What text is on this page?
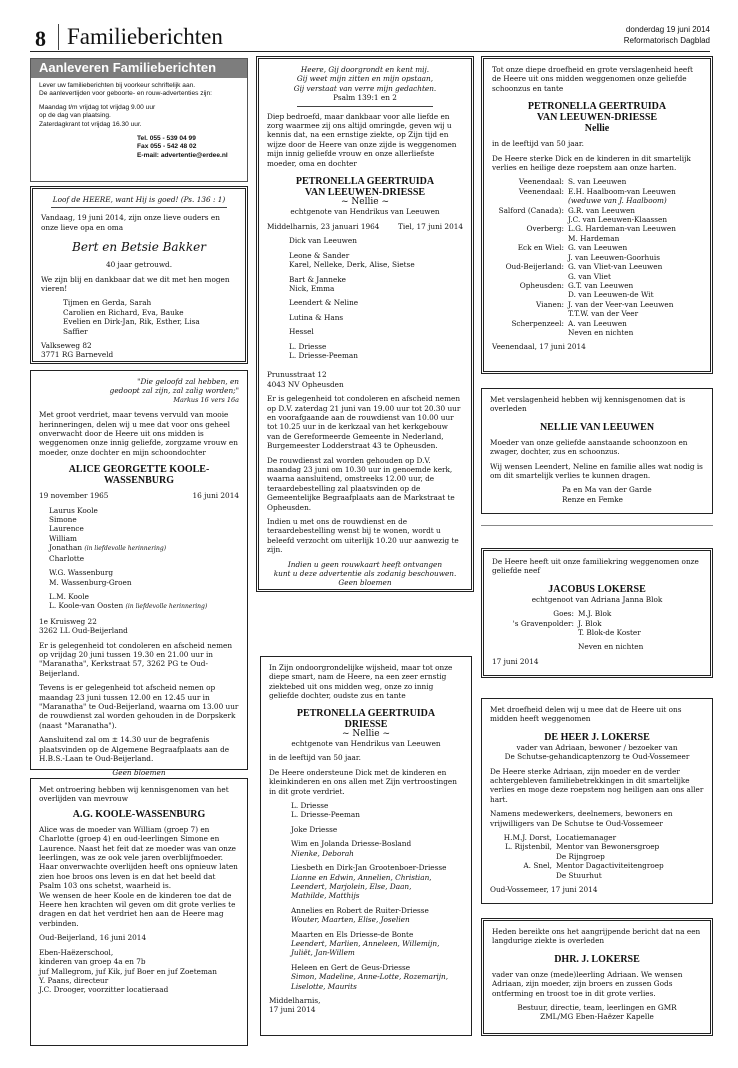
8 Familieberichten	donderdag 19 juni 2014
Reformatorisch Dagblad
Aanleveren Familieberichten
Lever uw familieberichten bij voorkeur schriftelijk aan.
De aanlevertijden voor geboorte- en rouw-advertenties zijn:
Maandag t/m vrijdag tot vrijdag 9.00 uur
op de dag van plaatsing.
Zaterdagkrant tot vrijdag 16.30 uur.
Tel. 055 - 539 04 99
Fax 055 - 542 48 02
E-mail: advertentie@erdee.nl
Loof de HEERE, want Hij is goed! (Ps. 136 : 1)
Vandaag, 19 juni 2014, zijn onze lieve ouders en onze lieve opa en oma
Bert en Betsie Bakker
40 jaar getrouwd.
We zijn blij en dankbaar dat we dit met hen mogen vieren!
Tijmen en Gerda, Sarah
Carolien en Richard, Eva, Bauke
Evelien en Dirk-Jan, Rik, Esther, Lisa
Saffier
Valkseweg 82
3771 RG Barneveld
"Die geloofd zal hebben, en
gedoopt zal zijn, zal zalig worden;"
Markus 16 vers 16a
Met groot verdriet, maar tevens vervuld van mooie herinneringen, delen wij u mee dat voor ons geheel onverwacht door de Heere uit ons midden is weggenomen onze innig geliefde, zorgzame vrouw en moeder, onze dochter en mijn schoondochter
ALICE GEORGETTE KOOLE-
WASSENBURG
19 november 1965	16 juni 2014
Laurus Koole
Simone
Laurence
William
Jonathan (in liefdevolle herinnering)
Charlotte
W.G. Wassenburg
M. Wassenburg-Groen
L.M. Koole
L. Koole-van Oosten (in liefdevolle herinnering)
1e Kruisweg 22
3262 LL Oud-Beijerland
Er is gelegenheid tot condoleren en afscheid nemen op vrijdag 20 juni tussen 19.30 en 21.00 uur in "Maranatha", Kerkstraat 57, 3262 PG te Oud-Beijerland.
Tevens is er gelegenheid tot afscheid nemen op maandag 23 juni tussen 12.00 en 12.45 uur in "Maranatha" te Oud-Beijerland, waarna om 13.00 uur de rouwdienst zal worden gehouden in de Dorpskerk (naast "Maranatha").
Aansluitend zal om ± 14.30 uur de begrafenis plaatsvinden op de Algemene Begraafplaats aan de H.B.S.-Laan te Oud-Beijerland.
Geen bloemen
Met ontroering hebben wij kennisgenomen van het overlijden van mevrouw
A.G. KOOLE-WASSENBURG
Alice was de moeder van William (groep 7) en Charlotte (groep 4) en oud-leerlingen Simone en Laurence. Naast het feit dat ze moeder was van onze leerlingen, was ze ook vele jaren overblijfmoeder. Haar onverwachte overlijden heeft ons opnieuw laten zien hoe broos ons leven is en dat het beeld dat Psalm 103 ons schetst, waarheid is.
We wensen de heer Koole en de kinderen toe dat de Heere hen krachten wil geven om dit grote verlies te dragen en dat het verdriet hen aan de Heere mag verbinden.
Oud-Beijerland, 16 juni 2014
Eben-Haëzerschool,
kinderen van groep 4a en 7b
juf Mallegrom, juf Kik, juf Boer en juf Zoeteman
Y. Paans, directeur
J.C. Drooger, voorzitter locatieraad
Heere, Gij doorgrondt en kent mij.
Gij weet mijn zitten en mijn opstaan,
Gij verstaat van verre mijn gedachten.
Psalm 139:1 en 2
Diep bedroefd, maar dankbaar voor alle liefde en zorg waarmee zij ons altijd omringde, geven wij u kennis dat, na een ernstige ziekte, op Zijn tijd en wijze door de Heere van onze zijde is weggenomen mijn innig geliefde vrouw en onze allerliefste moeder, oma en dochter
PETRONELLA GEERTRUIDA
VAN LEEUWEN-DRIESSE
~ Nellie ~
echtgenote van Hendrikus van Leeuwen
Middelharnis, 23 januari 1964	Tiel, 17 juni 2014
Dick van Leeuwen
Leone & Sander
Karel, Nelleke, Derk, Alise, Sietse
Bart & Janneke
Nick, Emma
Leendert & Neline
Lutina & Hans
Hessel
L. Driesse
L. Driesse-Peeman
Prunusstraat 12
4043 NV Opheusden
Er is gelegenheid tot condoleren en afscheid nemen op D.V. zaterdag 21 juni van 19.00 uur tot 20.30 uur en voorafgaande aan de rouwdienst van 10.00 uur tot 10.25 uur in de kerkzaal van het kerkgebouw van de Gereformeerde Gemeente in Nederland, Burgemeester Lodderstraat 43 te Opheusden.
De rouwdienst zal worden gehouden op D.V. maandag 23 juni om 10.30 uur in genoemde kerk, waarna aansluitend, omstreeks 12.00 uur, de teraardebestelling zal plaatsvinden op de Gemeentelijke Begraafplaats aan de Markstraat te Opheusden.
Indien u met ons de rouwdienst en de teraardebestelling wenst bij te wonen, wordt u beleefd verzocht om uiterlijk 10.20 uur aanwezig te zijn.
Indien u geen rouwkaart heeft ontvangen
kunt u deze advertentie als zodanig beschouwen.
Geen bloemen
In Zijn ondoorgrondelijke wijsheid, maar tot onze diepe smart, nam de Heere, na een zeer ernstig ziektebed uit ons midden weg, onze zo innig geliefde dochter, oudste zus en tante
PETRONELLA GEERTRUIDA
DRIESSE
~ Nellie ~
echtgenote van Hendrikus van Leeuwen
in de leeftijd van 50 jaar.
De Heere ondersteune Dick met de kinderen en kleinkinderen en ons allen met Zijn vertroostingen in dit grote verdriet.
L. Driesse
L. Driesse-Peeman
Joke Driesse
Wim en Jolanda Driesse-Bosland
Nienke, Deborah
Liesbeth en Dirk-Jan Grootenboer-Driesse
Lianne en Edwin, Annelien, Christian,
Leendert, Marjolein, Else, Daan,
Mathilde, Matthijs
Annelies en Robert de Ruiter-Driesse
Wouter, Maarten, Elise, Joselien
Maarten en Els Driesse-de Bonte
Leendert, Marlien, Anneleen, Willemijn,
Juliët, Jan-Willem
Heleen en Gert de Geus-Driesse
Simon, Madeline, Anne-Lotte, Rozemarijn,
Liselotte, Maurits
Middelharnis,
17 juni 2014
Tot onze diepe droefheid en grote verslagenheid heeft de Heere uit ons midden weggenomen onze geliefde schoonzus en tante
PETRONELLA GEERTRUIDA
VAN LEEUWEN-DRIESSE
Nellie
in de leeftijd van 50 jaar.
De Heere sterke Dick en de kinderen in dit smartelijk verlies en heilige deze roepstem aan onze harten.
Veenendaal: S. van Leeuwen
Veenendaal: E.H. Haalboom-van Leeuwen
(weduwe van J. Haalboom)
Salford (Canada): G.R. van Leeuwen
J.C. van Leeuwen-Klaassen
Overberg: L.G. Hardeman-van Leeuwen
M. Hardeman
Eck en Wiel: G. van Leeuwen
J. van Leeuwen-Goorhuis
Oud-Beijerland: G. van Vliet-van Leeuwen
G. van Vliet
Opheusden: G.T. van Leeuwen
D. van Leeuwen-de Wit
Vianen: J. van der Veer-van Leeuwen
T.T.W. van der Veer
Scherpenzeel: A. van Leeuwen
Neven en nichten
Veenendaal, 17 juni 2014
Met verslagenheid hebben wij kennisgenomen dat is overleden
NELLIE VAN LEEUWEN
Moeder van onze geliefde aanstaande schoonzoon en zwager, dochter, zus en schoonzus.
Wij wensen Leendert, Neline en familie alles wat nodig is om dit smartelijk verlies te kunnen dragen.
Pa en Ma van der Garde
Renze en Femke
De Heere heeft uit onze familiekring weggenomen onze geliefde neef
JACOBUS LOKERSE
echtgenoot van Adriana Janna Blok
Goes: M.J. Blok
's Gravenpolder: J. Blok
T. Blok-de Koster
Neven en nichten
17 juni 2014
Met droefheid delen wij u mee dat de Heere uit ons midden heeft weggenomen
DE HEER J. LOKERSE
vader van Adriaan, bewoner / bezoeker van
De Schutse-gehandicaptenzorg te Oud-Vossemeer
De Heere sterke Adriaan, zijn moeder en de verder achtergebleven familiebetrekkingen in dit smartelijke verlies en moge deze roepstem nog heiligen aan ons aller hart.
Namens medewerkers, deelnemers, bewoners en vrijwilligers van De Schutse te Oud-Vossemeer
H.M.J. Dorst, Locatiemanager
L. Rijstenbil, Mentor van Bewonersgroep
De Rijngroep
A. Snel, Mentor Dagactiviteitengroep
De Stuurhut
Oud-Vossemeer, 17 juni 2014
Heden bereikte ons het aangrijpende bericht dat na een langdurige ziekte is overleden
DHR. J. LOKERSE
vader van onze (mede)leerling Adriaan. We wensen Adriaan, zijn moeder, zijn broers en zussen Gods ontferming en troost toe in dit grote verlies.
Bestuur, directie, team, leerlingen en GMR
ZML/MG Eben-Haëzer Kapelle
